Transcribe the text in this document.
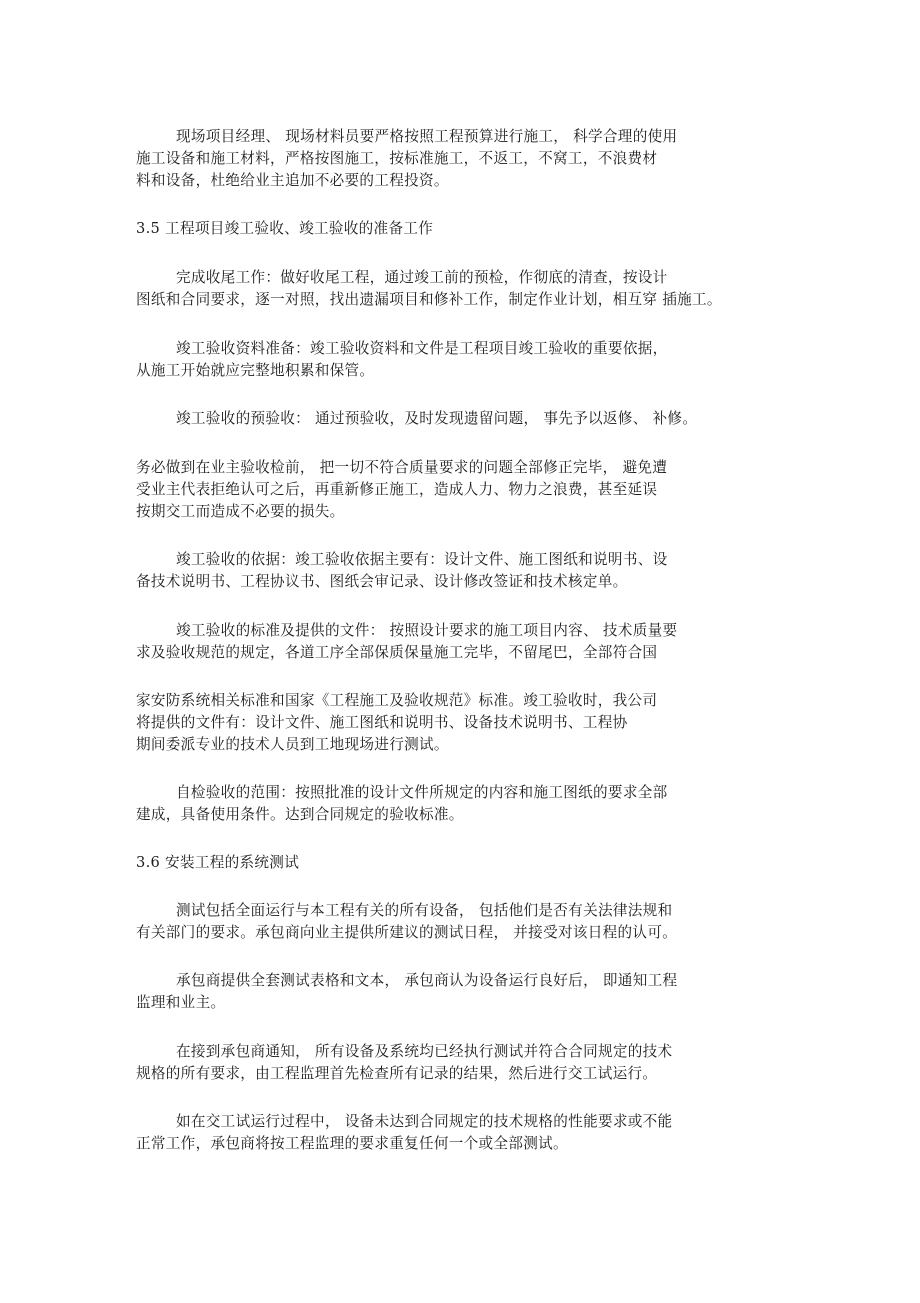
现场项目经理、 现场材料员要严格按照工程预算进行施工， 科学合理的使用
施工设备和施工材料，严格按图施工，按标准施工，不返工，不窝工，不浪费材
料和设备，杜绝给业主追加不必要的工程投资。
3.5 工程项目竣工验收、竣工验收的准备工作
完成收尾工作：做好收尾工程，通过竣工前的预检，作彻底的清查，按设计
图纸和合同要求，逐一对照，找出遗漏项目和修补工作，制定作业计划，相互穿 插施工。
竣工验收资料准备：竣工验收资料和文件是工程项目竣工验收的重要依据，
从施工开始就应完整地积累和保管。
竣工验收的预验收： 通过预验收，及时发现遗留问题， 事先予以返修、 补修。
务必做到在业主验收检前， 把一切不符合质量要求的问题全部修正完毕， 避免遭
受业主代表拒绝认可之后，再重新修正施工，造成人力、物力之浪费，甚至延误
按期交工而造成不必要的损失。
竣工验收的依据：竣工验收依据主要有：设计文件、施工图纸和说明书、设
备技术说明书、工程协议书、图纸会审记录、设计修改签证和技术核定单。
竣工验收的标准及提供的文件： 按照设计要求的施工项目内容、 技术质量要
求及验收规范的规定，各道工序全部保质保量施工完毕，不留尾巴，全部符合国
家安防系统相关标准和国家《工程施工及验收规范》标准。竣工验收时，我公司
将提供的文件有：设计文件、施工图纸和说明书、设备技术说明书、工程协
期间委派专业的技术人员到工地现场进行测试。
自检验收的范围：按照批准的设计文件所规定的内容和施工图纸的要求全部
建成，具备使用条件。达到合同规定的验收标准。
3.6 安装工程的系统测试
测试包括全面运行与本工程有关的所有设备， 包括他们是否有关法律法规和
有关部门的要求。承包商向业主提供所建议的测试日程， 并接受对该日程的认可。
承包商提供全套测试表格和文本， 承包商认为设备运行良好后， 即通知工程
监理和业主。
在接到承包商通知， 所有设备及系统均已经执行测试并符合合同规定的技术
规格的所有要求，由工程监理首先检查所有记录的结果，然后进行交工试运行。
如在交工试运行过程中， 设备未达到合同规定的技术规格的性能要求或不能
正常工作，承包商将按工程监理的要求重复任何一个或全部测试。
